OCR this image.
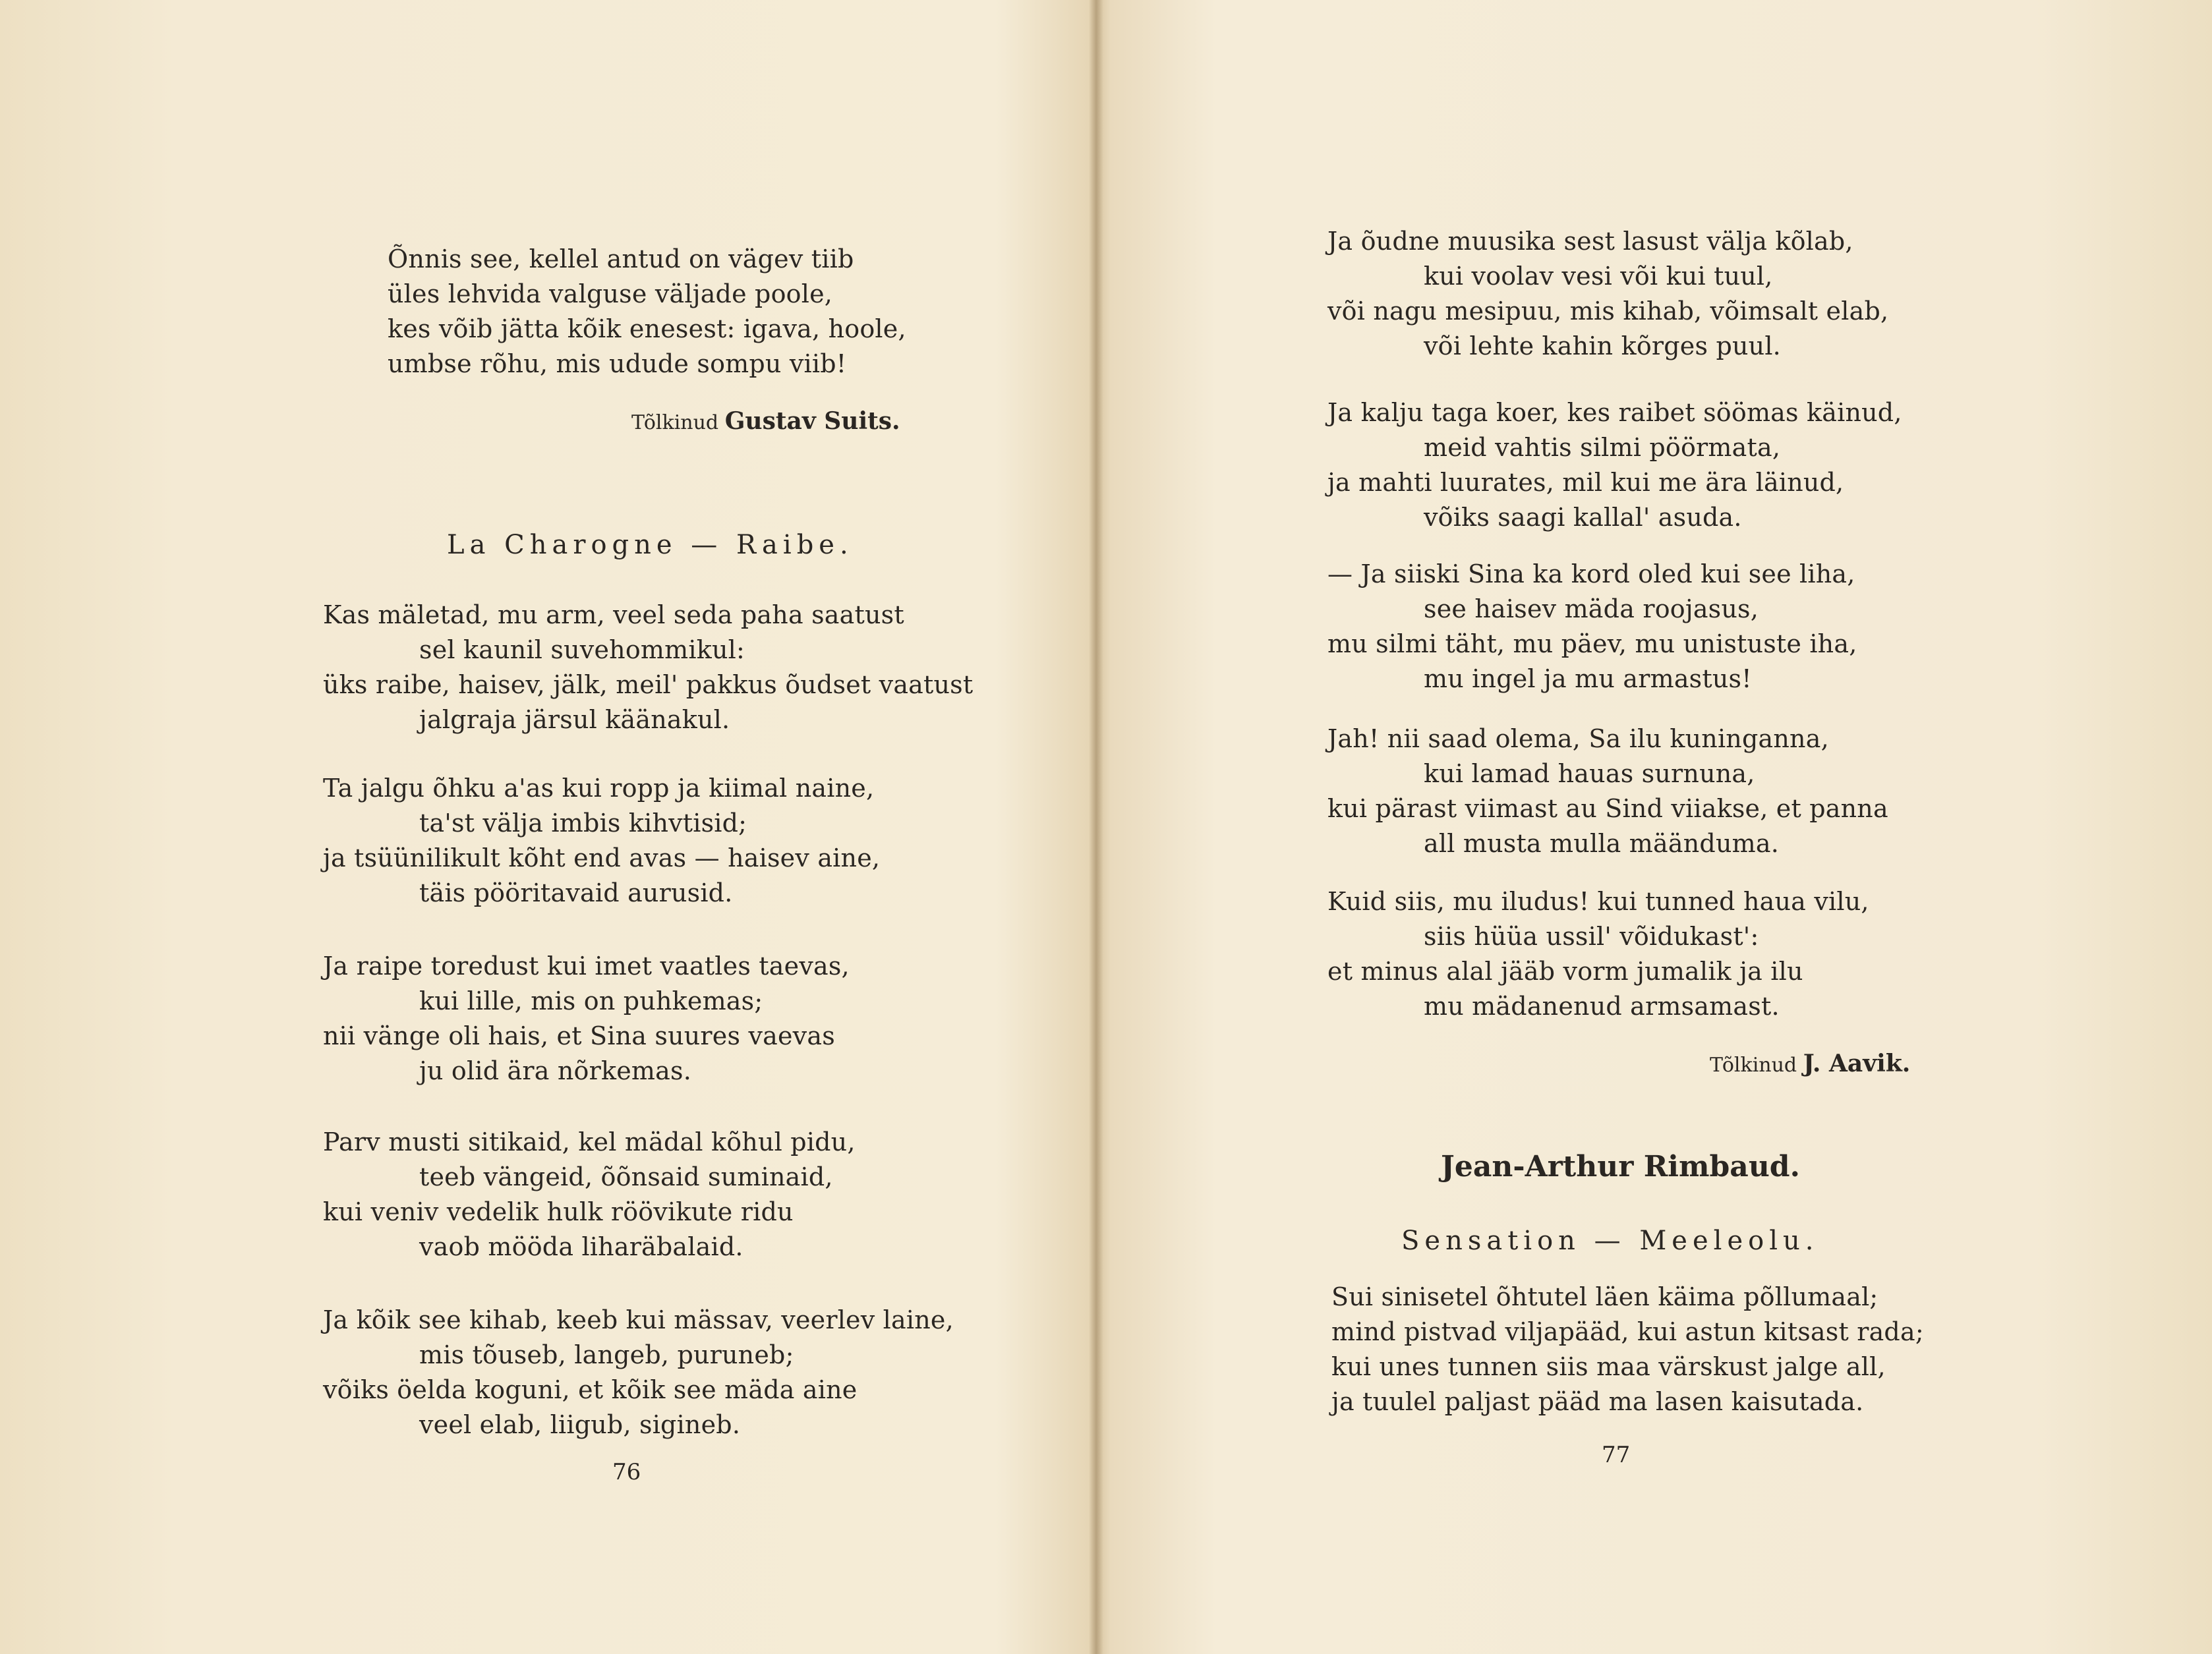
Õnnis see, kellel antud on vägev tiib
üles lehvida valguse väljade poole,
kes võib jätta kõik enesest: igava, hoole,
umbse rõhu, mis udude sompu viib!
Tõlkinud Gustav Suits.
La Charogne — Raibe.
Kas mäletad, mu arm, veel seda paha saatust
sel kaunil suvehommikul:
üks raibe, haisev, jälk, meil' pakkus õudset vaatust
jalgraja järsul käänakul.
Ta jalgu õhku a'as kui ropp ja kiimal naine,
ta'st välja imbis kihvtisid;
ja tsüünilikult kõht end avas — haisev aine,
täis pööritavaid aurusid.
Ja raipe toredust kui imet vaatles taevas,
kui lille, mis on puhkemas;
nii vänge oli hais, et Sina suures vaevas
ju olid ära nõrkemas.
Parv musti sitikaid, kel mädal kõhul pidu,
teeb vängeid, õõnsaid suminaid,
kui veniv vedelik hulk röövikute ridu
vaob mööda liharäbalaid.
Ja kõik see kihab, keeb kui mässav, veerlev laine,
mis tõuseb, langeb, puruneb;
võiks öelda koguni, et kõik see mäda aine
veel elab, liigub, sigineb.
76
Ja õudne muusika sest lasust välja kõlab,
kui voolav vesi või kui tuul,
või nagu mesipuu, mis kihab, võimsalt elab,
või lehte kahin kõrges puul.
Ja kalju taga koer, kes raibet söömas käinud,
meid vahtis silmi pöörmata,
ja mahti luurates, mil kui me ära läinud,
võiks saagi kallal' asuda.
— Ja siiski Sina ka kord oled kui see liha,
see haisev mäda roojasus,
mu silmi täht, mu päev, mu unistuste iha,
mu ingel ja mu armastus!
Jah! nii saad olema, Sa ilu kuninganna,
kui lamad hauas surnuna,
kui pärast viimast au Sind viiakse, et panna
all musta mulla määnduma.
Kuid siis, mu iludus! kui tunned haua vilu,
siis hüüa ussil' võidukast':
et minus alal jääb vorm jumalik ja ilu
mu mädanenud armsamast.
Tõlkinud J. Aavik.
Jean-Arthur Rimbaud.
Sensation — Meeleolu.
Sui sinisetel õhtutel läen käima põllumaal;
mind pistvad viljapääd, kui astun kitsast rada;
kui unes tunnen siis maa värskust jalge all,
ja tuulel paljast pääd ma lasen kaisutada.
77
